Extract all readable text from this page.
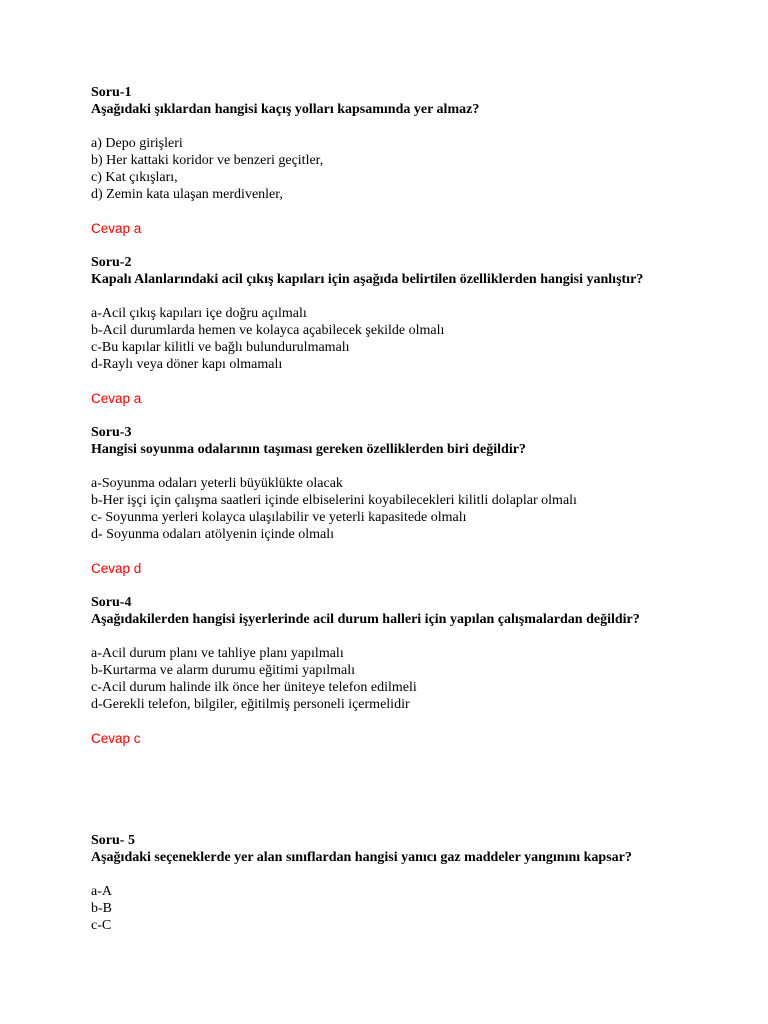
Soru-1

Aşağıdaki şıklardan hangisi kaçış yolları kapsamında yer almaz?

a) Depo girişleri

b) Her kattaki koridor ve benzeri geçitler,

c) Kat çıkışları,

d) Zemin kata ulaşan merdivenler,

Cevap a

Soru-2

Kapalı Alanlarındaki acil çıkış kapıları için aşağıda belirtilen özelliklerden hangisi yanlıştır?

a-Acil çıkış kapıları içe doğru açılmalı

b-Acil durumlarda hemen ve kolayca açabilecek şekilde olmalı

c-Bu kapılar kilitli ve bağlı bulundurulmamalı

d-Raylı veya döner kapı olmamalı

Cevap a

Soru-3

Hangisi soyunma odalarının taşıması gereken özelliklerden biri değildir?

a-Soyunma odaları yeterli büyüklükte olacak

b-Her işçi için çalışma saatleri içinde elbiselerini koyabilecekleri kilitli dolaplar olmalı

c- Soyunma yerleri kolayca ulaşılabilir ve yeterli kapasitede olmalı

d- Soyunma odaları atölyenin içinde olmalı

Cevap d

Soru-4

Aşağıdakilerden hangisi işyerlerinde acil durum halleri için yapılan çalışmalardan değildir?

a-Acil durum planı ve tahliye planı yapılmalı

b-Kurtarma ve alarm durumu eğitimi yapılmalı

c-Acil durum halinde ilk önce her üniteye telefon edilmeli

d-Gerekli telefon, bilgiler, eğitilmiş personeli içermelidir

Cevap c

Soru- 5

Aşağıdaki seçeneklerde yer alan sınıflardan hangisi yanıcı gaz maddeler yangınını kapsar?

a-A

b-B

c-C
